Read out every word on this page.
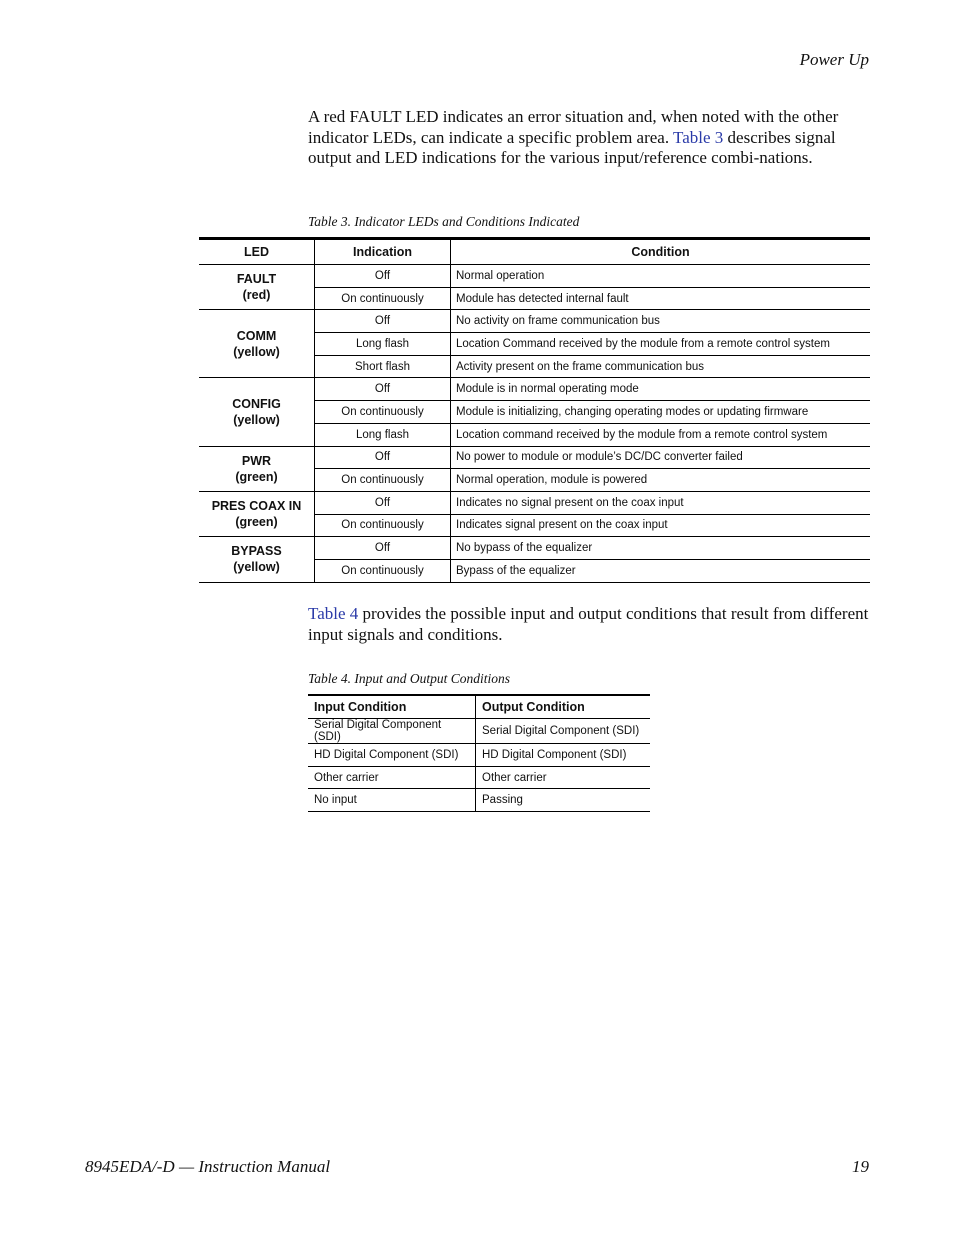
Power Up

A red FAULT LED indicates an error situation and, when noted with the other indicator LEDs, can indicate a specific problem area. Table 3 describes signal output and LED indications for the various input/reference combi-nations.

Table 3. Indicator LEDs and Conditions Indicated
LED	Indication	Condition
FAULT
(red)	Off	Normal operation
	On continuously	Module has detected internal fault
COMM
(yellow)	Off	No activity on frame communication bus
	Long flash	Location Command received by the module from a remote control system
	Short flash	Activity present on the frame communication bus
CONFIG
(yellow)	Off	Module is in normal operating mode
	On continuously	Module is initializing, changing operating modes or updating firmware
	Long flash	Location command received by the module from a remote control system
PWR
(green)	Off	No power to module or module’s DC/DC converter failed
	On continuously	Normal operation, module is powered
PRES COAX IN
(green)	Off	Indicates no signal present on the coax input
	On continuously	Indicates signal present on the coax input
BYPASS
(yellow)	Off	No bypass of the equalizer
	On continuously	Bypass of the equalizer

Table 4 provides the possible input and output conditions that result from different input signals and conditions.

Table 4. Input and Output Conditions
Input Condition	Output Condition
Serial Digital Component (SDI)	Serial Digital Component (SDI)
HD Digital Component (SDI)	HD Digital Component (SDI)
Other carrier	Other carrier
No input	Passing
8945EDA/-D — Instruction Manual	19
